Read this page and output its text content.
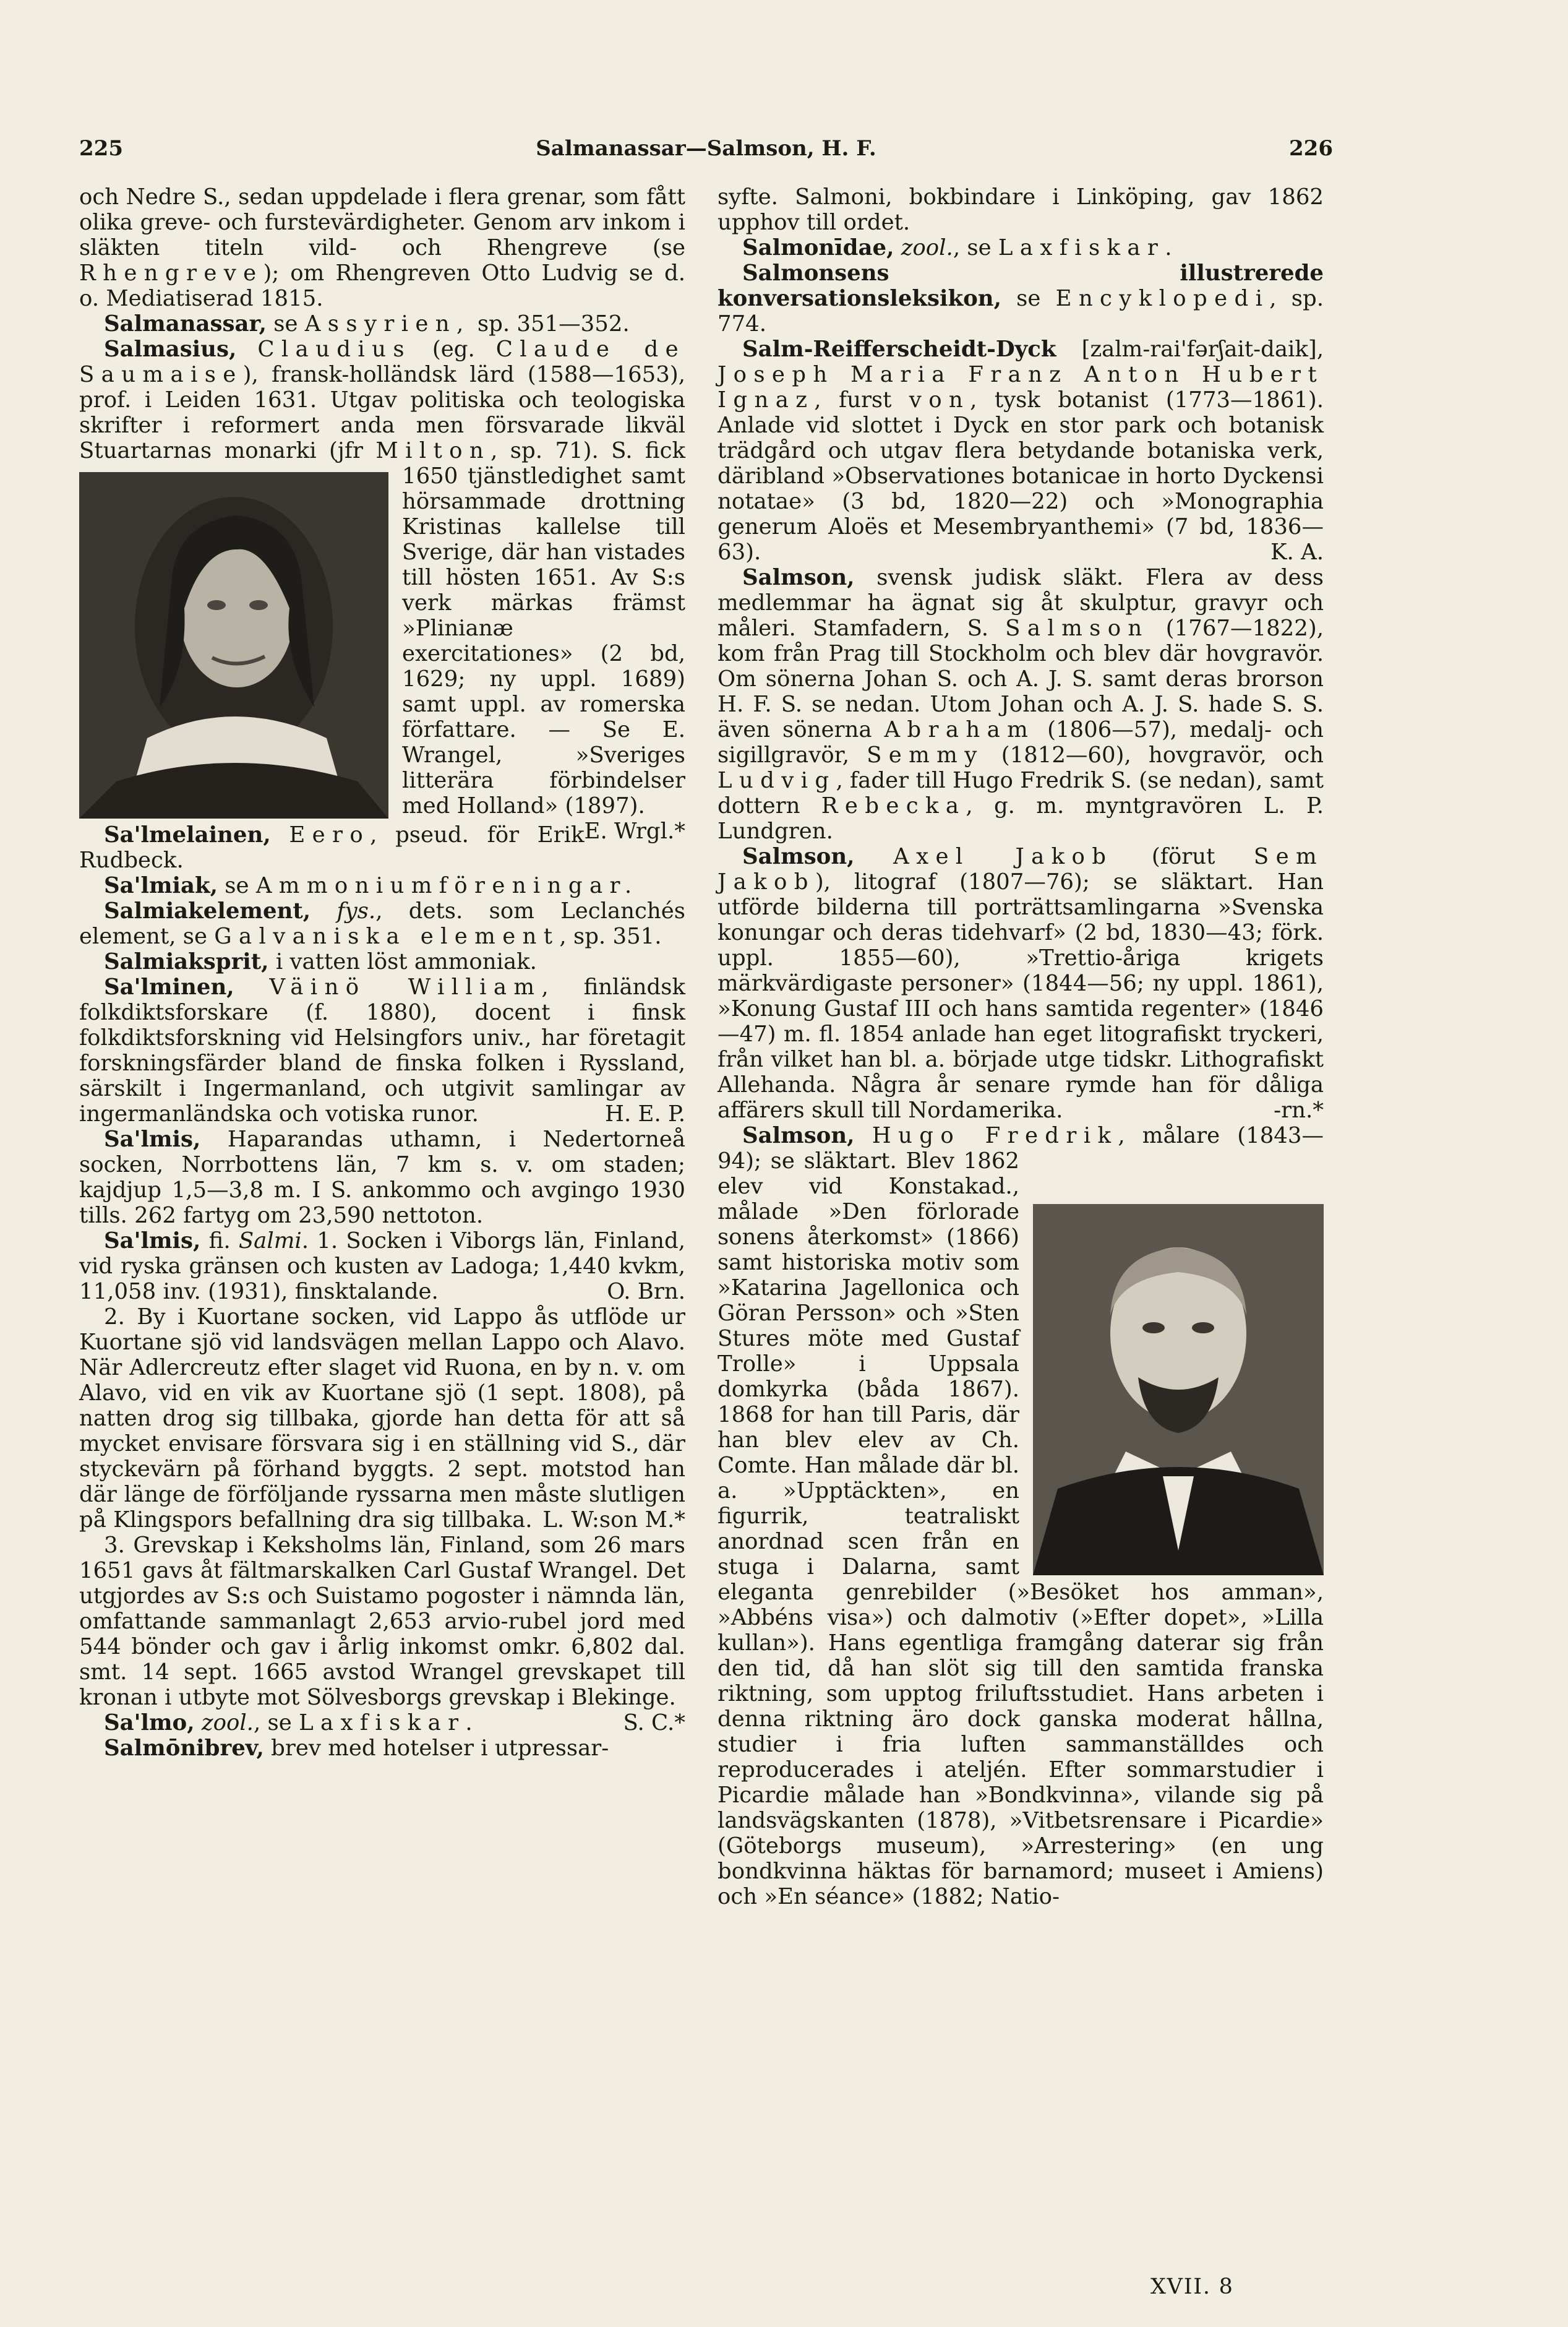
225	Salmanassar—Salmson, H. F.	226

och Nedre S., sedan uppdelade i flera grenar, som fått olika greve- och furstevärdigheter. Genom arv inkom i släkten titeln vild- och Rhengreve (se Rhengreve); om Rhengreven Otto Ludvig se d. o. Mediatiserad 1815.

Salmanassar, se Assyrien, sp. 351—352.

Salmasius, Claudius (eg. Claude de Saumaise), fransk-holländsk lärd (1588—1653), prof. i Leiden 1631. Utgav politiska och teologiska skrifter i reformert anda men försvarade likväl Stuartarnas monarki (jfr Milton
, sp. 71). S. fick 1650 tjänstledighet samt hörsammade drottning Kristinas kallelse till Sverige, där han vistades till hösten 1651. Av S:s verk märkas främst »Plinianæ exercitationes» (2 bd, 1629; ny uppl. 1689) samt uppl. av romerska författare. — Se E. Wrangel, »Sveriges litterära förbindelser med Holland» (1897).
E. Wrgl.*

Sa'lmelainen, Eero, pseud. för Erik Rudbeck.

Sa'lmiak, se Ammoniumföreningar.

Salmiakelement, fys., dets. som Leclanchés element, se Galvaniska element, sp. 351.

Salmiaksprit, i vatten löst ammoniak.

Sa'lminen, Väinö William, finländsk folkdiktsforskare (f. 1880), docent i finsk folkdiktsforskning vid Helsingfors univ., har företagit forskningsfärder bland de finska folken i Ryssland, särskilt i Ingermanland, och utgivit samlingar av ingermanländska och votiska runor.	H. E. P.

Sa'lmis, Haparandas uthamn, i Nedertorneå socken, Norrbottens län, 7 km s. v. om staden; kajdjup 1,5—3,8 m. I S. ankommo och avgingo 1930 tills. 262 fartyg om 23,590 nettoton.

Sa'lmis, fi. Salmi. 1. Socken i Viborgs län, Finland, vid ryska gränsen och kusten av Ladoga; 1,440 kvkm, 11,058 inv. (1931), finsktalande.	O. Brn.

2. By i Kuortane socken, vid Lappo ås utflöde ur Kuortane sjö vid landsvägen mellan Lappo och Alavo. När Adlercreutz efter slaget vid Ruona, en by n. v. om Alavo, vid en vik av Kuortane sjö (1 sept. 1808), på natten drog sig tillbaka, gjorde han detta för att så mycket envisare försvara sig i en ställning vid S., där styckevärn på förhand byggts. 2 sept. motstod han där länge de förföljande ryssarna men måste slutligen på Klingspors befallning dra sig tillbaka. L. W:son M.*

3. Grevskap i Keksholms län, Finland, som 26 mars 1651 gavs åt fältmarskalken Carl Gustaf Wrangel. Det utgjordes av S:s och Suistamo pogoster i nämnda län, omfattande sammanlagt 2,653 arvio-rubel jord med 544 bönder och gav i årlig inkomst omkr. 6,802 dal. smt. 14 sept. 1665 avstod Wrangel grevskapet till kronan i utbyte mot Sölvesborgs grevskap i Blekinge.
S. C.*

Sa'lmo, zool., se Laxfiskar.

Salmōnibrev, brev med hotelser i utpressar-

syfte. Salmoni, bokbindare i Linköping, gav 1862 upphov till ordet.

Salmonīdae, zool., se Laxfiskar.

Salmonsens illustrerede konversationsleksikon, se Encyklopedi, sp. 774.

Salm-Reifferscheidt-Dyck [zalm-rai'fərʃait-daik], Joseph Maria Franz Anton Hubert Ignaz, furst von, tysk botanist (1773—1861). Anlade vid slottet i Dyck en stor park och botanisk trädgård och utgav flera betydande botaniska verk, däribland »Observationes botanicae in horto Dyckensi notatae» (3 bd, 1820—22) och »Monographia generum Aloës et Mesembryanthemi» (7 bd, 1836—63).	K. A.

Salmson, svensk judisk släkt. Flera av dess medlemmar ha ägnat sig åt skulptur, gravyr och måleri. Stamfadern, S. Salmson (1767—1822), kom från Prag till Stockholm och blev där hovgravör. Om sönerna Johan S. och A. J. S. samt deras brorson H. F. S. se nedan. Utom Johan och A. J. S. hade S. S. även sönerna Abraham (1806—57), medalj- och sigillgravör, Semmy (1812—60), hovgravör, och Ludvig, fader till Hugo Fredrik S. (se nedan), samt dottern Rebecka, g. m. myntgravören L. P. Lundgren.

Salmson, Axel Jakob (förut Sem Jakob), litograf (1807—76); se släktart. Han utförde bilderna till porträttsamlingarna »Svenska konungar och deras tidehvarf» (2 bd, 1830—43; förk. uppl. 1855—60), »Trettio-åriga krigets märkvärdigaste personer» (1844—56; ny uppl. 1861), »Konung Gustaf III och hans samtida regenter» (1846—47) m. fl. 1854 anlade han eget litografiskt tryckeri, från vilket han bl. a. började utge tidskr. Lithografiskt Allehanda. Några år senare rymde han för dåliga affärers skull till Nordamerika.	-rn.*

Salmson, Hugo Fredrik
, målare (1843—94); se släktart. Blev 1862 elev vid Konstakad., målade »Den förlorade sonens återkomst» (1866) samt historiska motiv som »Katarina Jagellonica och Göran Persson» och »Sten Stures möte med Gustaf Trolle» i Uppsala domkyrka (båda 1867). 1868 for han till Paris, där han blev elev av Ch. Comte. Han målade där bl. a. »Upptäckten», en figurrik, teatraliskt anordnad scen från en stuga i Dalarna, samt eleganta genrebilder (»Besöket hos amman», »Abbéns visa») och dalmotiv (»Efter dopet», »Lilla kullan»). Hans egentliga framgång daterar sig från den tid, då han slöt sig till den samtida franska riktning, som upptog friluftsstudiet. Hans arbeten i denna riktning äro dock ganska moderat hållna, studier i fria luften sammanställdes och reproducerades i ateljén. Efter sommarstudier i Picardie målade han »Bondkvinna», vilande sig på landsvägskanten (1878), »Vitbetsrensare i Picardie» (Göteborgs museum), »Arrestering» (en ung bondkvinna häktas för barnamord; museet i Amiens) och »En séance» (1882; Natio-

XVII. 8
